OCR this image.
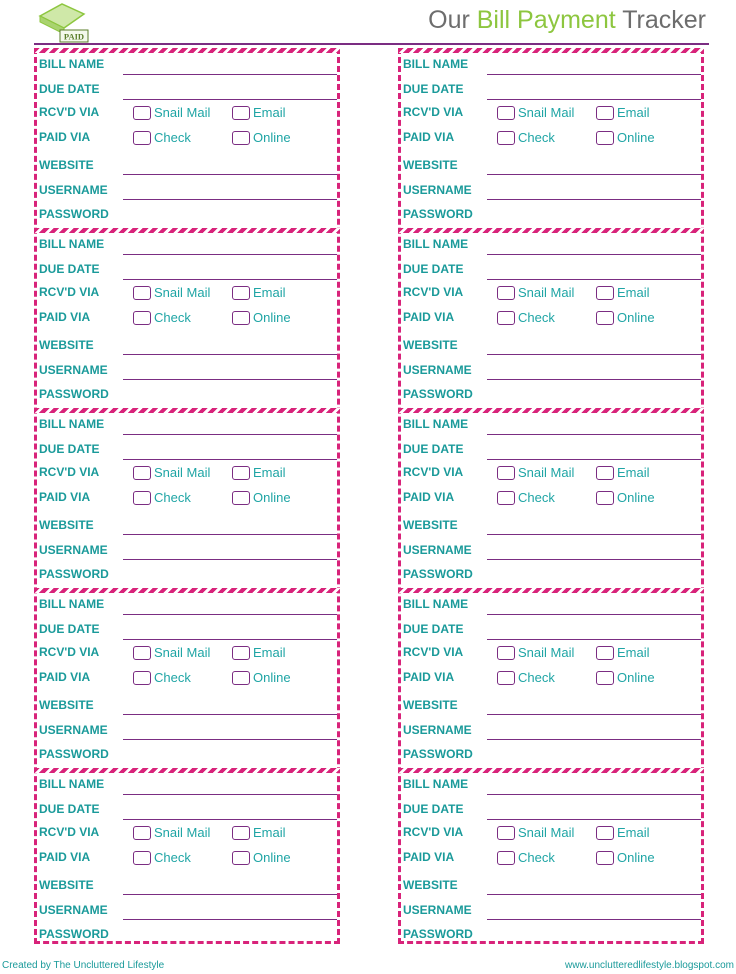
PAID
Our Bill Payment Tracker
BILL NAME
DUE DATE
RCV'D VIA	Snail Mail	Email
PAID VIA	Check	Online
WEBSITE
USERNAME
PASSWORD
BILL NAME
DUE DATE
RCV'D VIA	Snail Mail	Email
PAID VIA	Check	Online
WEBSITE
USERNAME
PASSWORD
BILL NAME
DUE DATE
RCV'D VIA	Snail Mail	Email
PAID VIA	Check	Online
WEBSITE
USERNAME
PASSWORD
BILL NAME
DUE DATE
RCV'D VIA	Snail Mail	Email
PAID VIA	Check	Online
WEBSITE
USERNAME
PASSWORD
BILL NAME
DUE DATE
RCV'D VIA	Snail Mail	Email
PAID VIA	Check	Online
WEBSITE
USERNAME
PASSWORD
BILL NAME
DUE DATE
RCV'D VIA	Snail Mail	Email
PAID VIA	Check	Online
WEBSITE
USERNAME
PASSWORD
BILL NAME
DUE DATE
RCV'D VIA	Snail Mail	Email
PAID VIA	Check	Online
WEBSITE
USERNAME
PASSWORD
BILL NAME
DUE DATE
RCV'D VIA	Snail Mail	Email
PAID VIA	Check	Online
WEBSITE
USERNAME
PASSWORD
BILL NAME
DUE DATE
RCV'D VIA	Snail Mail	Email
PAID VIA	Check	Online
WEBSITE
USERNAME
PASSWORD
BILL NAME
DUE DATE
RCV'D VIA	Snail Mail	Email
PAID VIA	Check	Online
WEBSITE
USERNAME
PASSWORD
Created by The Uncluttered Lifestyle	www.unclutteredlifestyle.blogspot.com
